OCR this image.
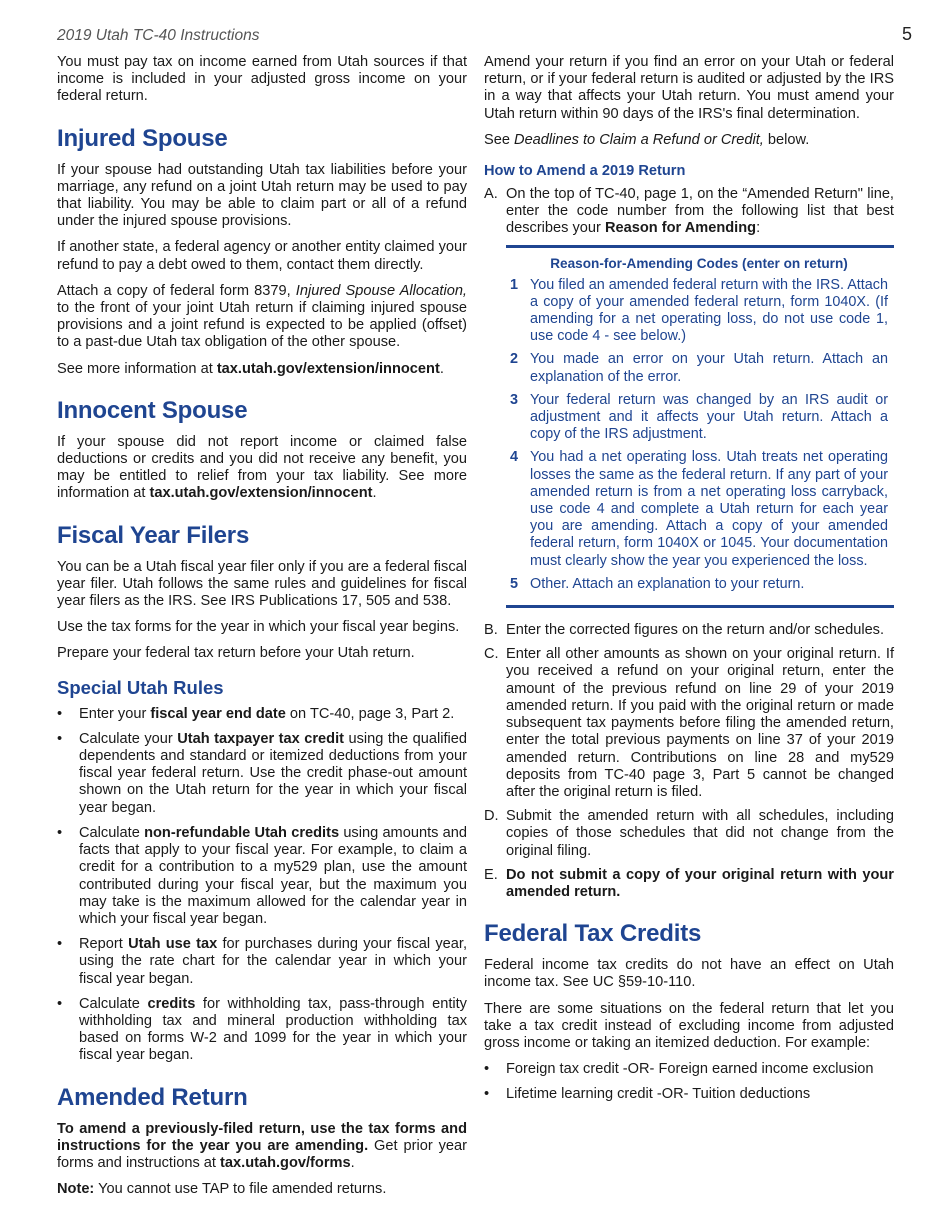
2019 Utah TC-40 Instructions	5

You must pay tax on income earned from Utah sources if that income is included in your adjusted gross income on your federal return.

Injured Spouse

If your spouse had outstanding Utah tax liabilities before your marriage, any refund on a joint Utah return may be used to pay that liability. You may be able to claim part or all of a refund under the injured spouse provisions.

If another state, a federal agency or another entity claimed your refund to pay a debt owed to them, contact them directly.

Attach a copy of federal form 8379, Injured Spouse Allocation, to the front of your joint Utah return if claiming injured spouse provisions and a joint refund is expected to be applied (offset) to a past-due Utah tax obligation of the other spouse.

See more information at tax.utah.gov/extension/innocent.

Innocent Spouse

If your spouse did not report income or claimed false deductions or credits and you did not receive any benefit, you may be entitled to relief from your tax liability. See more information at tax.utah.gov/extension/innocent.

Fiscal Year Filers

You can be a Utah fiscal year filer only if you are a federal fiscal year filer. Utah follows the same rules and guidelines for fiscal year filers as the IRS. See IRS Publications 17, 505 and 538.

Use the tax forms for the year in which your fiscal year begins.

Prepare your federal tax return before your Utah return.

Special Utah Rules
• Enter your fiscal year end date on TC-40, page 3, Part 2.
• Calculate your Utah taxpayer tax credit using the qualified dependents and standard or itemized deductions from your fiscal year federal return. Use the credit phase-out amount shown on the Utah return for the year in which your fiscal year began.
• Calculate non-refundable Utah credits using amounts and facts that apply to your fiscal year. For example, to claim a credit for a contribution to a my529 plan, use the amount contributed during your fiscal year, but the maximum you may take is the maximum allowed for the calendar year in which your fiscal year began.
• Report Utah use tax for purchases during your fiscal year, using the rate chart for the calendar year in which your fiscal year began.
• Calculate credits for withholding tax, pass-through entity withholding tax and mineral production withholding tax based on forms W-2 and 1099 for the year in which your fiscal year began.
Amended Return

To amend a previously-filed return, use the tax forms and instructions for the year you are amending. Get prior year forms and instructions at tax.utah.gov/forms.

Note: You cannot use TAP to file amended returns.

Amend your return if you find an error on your Utah or federal return, or if your federal return is audited or adjusted by the IRS in a way that affects your Utah return. You must amend your Utah return within 90 days of the IRS's final determination.

See Deadlines to Claim a Refund or Credit, below.

How to Amend a 2019 Return
A. On the top of TC-40, page 1, on the “Amended Return" line, enter the code number from the following list that best describes your Reason for Amending:
Reason-for-Amending Codes (enter on return)
1 You filed an amended federal return with the IRS. Attach a copy of your amended federal return, form 1040X. (If amending for a net operating loss, do not use code 1, use code 4 - see below.)
2 You made an error on your Utah return. Attach an explanation of the error.
3 Your federal return was changed by an IRS audit or adjustment and it affects your Utah return. Attach a copy of the IRS adjustment.
4 You had a net operating loss. Utah treats net operating losses the same as the federal return. If any part of your amended return is from a net operating loss carryback, use code 4 and complete a Utah return for each year you are amending. Attach a copy of your amended federal return, form 1040X or 1045. Your documentation must clearly show the year you experienced the loss.
5 Other. Attach an explanation to your return.
B. Enter the corrected figures on the return and/or schedules.
C. Enter all other amounts as shown on your original return. If you received a refund on your original return, enter the amount of the previous refund on line 29 of your 2019 amended return. If you paid with the original return or made subsequent tax payments before filing the amended return, enter the total previous payments on line 37 of your 2019 amended return. Contributions on line 28 and my529 deposits from TC-40 page 3, Part 5 cannot be changed after the original return is filed.
D. Submit the amended return with all schedules, including copies of those schedules that did not change from the original filing.
E. Do not submit a copy of your original return with your amended return.
Federal Tax Credits

Federal income tax credits do not have an effect on Utah income tax. See UC §59-10-110.

There are some situations on the federal return that let you take a tax credit instead of excluding income from adjusted gross income or taking an itemized deduction. For example:

• Foreign tax credit -OR- Foreign earned income exclusion
• Lifetime learning credit -OR- Tuition deductions
